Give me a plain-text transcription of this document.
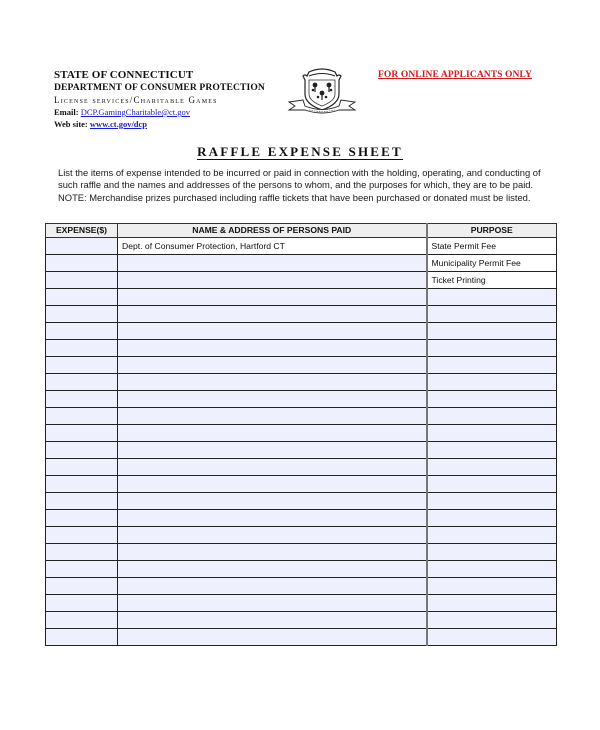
STATE OF CONNECTICUT
DEPARTMENT OF CONSUMER PROTECTION
License services/Charitable Games
Email: DCP.GamingCharitable@ct.gov
Web site: www.ct.gov/dcp
FOR ONLINE APPLICANTS ONLY
RAFFLE EXPENSE SHEET
List the items of expense intended to be incurred or paid in connection with the holding, operating, and conducting of such raffle and the names and addresses of the persons to whom, and the purposes for which, they are to be paid. NOTE: Merchandise prizes purchased including raffle tickets that have been purchased or donated must be listed.
EXPENSE($)	NAME & ADDRESS OF PERSONS PAID	PURPOSE
	Dept. of Consumer Protection, Hartford CT	State Permit Fee
		Municipality Permit Fee
		Ticket Printing
